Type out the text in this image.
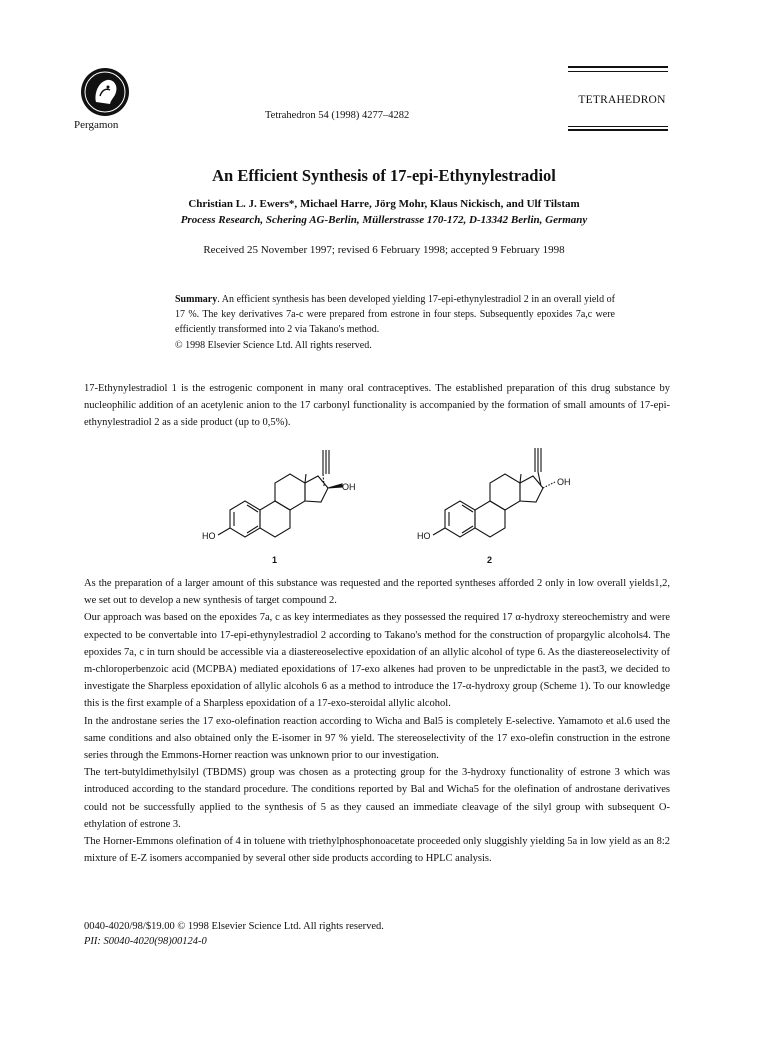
Pergamon
Tetrahedron 54 (1998) 4277–4282
TETRAHEDRON
An Efficient Synthesis of 17-epi-Ethynylestradiol
Christian L. J. Ewers*, Michael Harre, Jörg Mohr, Klaus Nickisch, and Ulf Tilstam
Process Research, Schering AG-Berlin, Müllerstrasse 170-172, D-13342 Berlin, Germany
Received 25 November 1997; revised 6 February 1998; accepted 9 February 1998
Summary. An efficient synthesis has been developed yielding 17-epi-ethynylestradiol 2 in an overall yield of 17 %. The key derivatives 7a-c were prepared from estrone in four steps. Subsequently epoxides 7a,c were efficiently transformed into 2 via Takano's method.
© 1998 Elsevier Science Ltd. All rights reserved.
17-Ethynylestradiol 1 is the estrogenic component in many oral contraceptives. The established preparation of this drug substance by nucleophilic addition of an acetylenic anion to the 17 carbonyl functionality is accompanied by the formation of small amounts of 17-epi-ethynylestradiol 2 as a side product (up to 0,5%).
OH
HO
1
OH
HO
2
As the preparation of a larger amount of this substance was requested and the reported syntheses afforded 2 only in low overall yields1,2, we set out to develop a new synthesis of target compound 2.
Our approach was based on the epoxides 7a, c as key intermediates as they possessed the required 17 α-hydroxy stereochemistry and were expected to be convertable into 17-epi-ethynylestradiol 2 according to Takano's method for the construction of propargylic alcohols4. The epoxides 7a, c in turn should be accessible via a diastereoselective epoxidation of an allylic alcohol of type 6. As the diastereoselectivity of m-chloroperbenzoic acid (MCPBA) mediated epoxidations of 17-exo alkenes had proven to be unpredictable in the past3, we decided to investigate the Sharpless epoxidation of allylic alcohols 6 as a method to introduce the 17-α-hydroxy group (Scheme 1). To our knowledge this is the first example of a Sharpless epoxidation of a 17-exo-steroidal allylic alcohol.
In the androstane series the 17 exo-olefination reaction according to Wicha and Bal5 is completely E-selective. Yamamoto et al.6 used the same conditions and also obtained only the E-isomer in 97 % yield. The stereoselectivity of the 17 exo-olefin construction in the estrone series through the Emmons-Horner reaction was unknown prior to our investigation.
The tert-butyldimethylsilyl (TBDMS) group was chosen as a protecting group for the 3-hydroxy functionality of estrone 3 which was introduced according to the standard procedure. The conditions reported by Bal and Wicha5 for the olefination of androstane derivatives could not be successfully applied to the synthesis of 5 as they caused an immediate cleavage of the silyl group with subsequent O-ethylation of estrone 3.
The Horner-Emmons olefination of 4 in toluene with triethylphosphonoacetate proceeded only sluggishly yielding 5a in low yield as an 8:2 mixture of E-Z isomers accompanied by several other side products according to HPLC analysis.
0040-4020/98/$19.00 © 1998 Elsevier Science Ltd. All rights reserved.
PII: S0040-4020(98)00124-0
